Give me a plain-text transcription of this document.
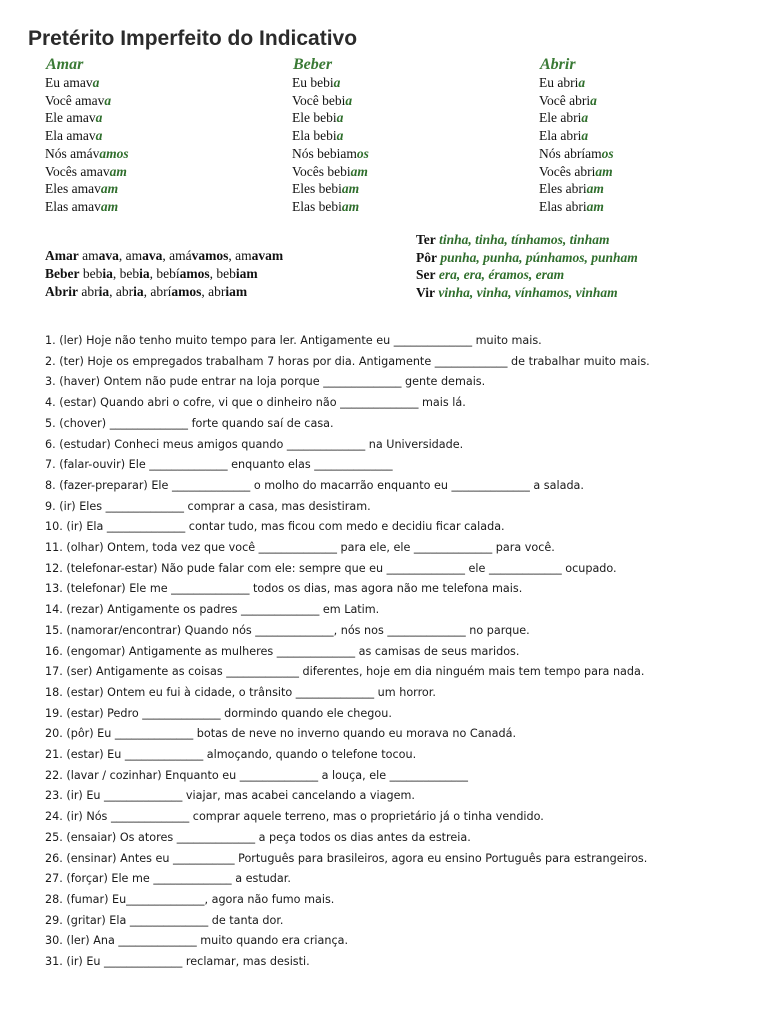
Pretérito Imperfeito do Indicativo
Amar
Eu amava
Você amava
Ele amava
Ela amava
Nós amávamos
Vocês amavam
Eles amavam
Elas amavam
Beber
Eu bebia
Você bebia
Ele bebia
Ela bebia
Nós bebiamos
Vocês bebiam
Eles bebiam
Elas bebiam
Abrir
Eu abria
Você abria
Ele abria
Ela abria
Nós abríamos
Vocês abriam
Eles abriam
Elas abriam
Amar amava, amava, amávamos, amavam
Beber bebia, bebia, bebíamos, bebiam
Abrir abria, abria, abríamos, abriam
Ter tinha, tinha, tínhamos, tinham
Pôr punha, punha, púnhamos, punham
Ser era, era, éramos, eram
Vir vinha, vinha, vínhamos, vinham
1. (ler) Hoje não tenho muito tempo para ler. Antigamente eu ______________ muito mais.
2. (ter) Hoje os empregados trabalham 7 horas por dia. Antigamente _____________ de trabalhar muito mais.
3. (haver) Ontem não pude entrar na loja porque ______________ gente demais.
4. (estar) Quando abri o cofre, vi que o dinheiro não ______________ mais lá.
5. (chover) ______________ forte quando saí de casa.
6. (estudar) Conheci meus amigos quando ______________ na Universidade.
7. (falar-ouvir) Ele ______________ enquanto elas ______________
8. (fazer-preparar) Ele ______________ o molho do macarrão enquanto eu ______________ a salada.
9. (ir) Eles ______________ comprar a casa, mas desistiram.
10. (ir) Ela ______________ contar tudo, mas ficou com medo e decidiu ficar calada.
11. (olhar) Ontem, toda vez que você ______________ para ele, ele ______________ para você.
12. (telefonar-estar) Não pude falar com ele: sempre que eu ______________ ele _____________ ocupado.
13. (telefonar) Ele me ______________ todos os dias, mas agora não me telefona mais.
14. (rezar) Antigamente os padres ______________ em Latim.
15. (namorar/encontrar) Quando nós ______________, nós nos ______________ no parque.
16. (engomar) Antigamente as mulheres ______________ as camisas de seus maridos.
17. (ser) Antigamente as coisas _____________ diferentes, hoje em dia ninguém mais tem tempo para nada.
18. (estar) Ontem eu fui à cidade, o trânsito ______________ um horror.
19. (estar) Pedro ______________ dormindo quando ele chegou.
20. (pôr) Eu ______________ botas de neve no inverno quando eu morava no Canadá.
21. (estar) Eu ______________ almoçando, quando o telefone tocou.
22. (lavar / cozinhar) Enquanto eu ______________ a louça, ele ______________
23. (ir) Eu ______________ viajar, mas acabei cancelando a viagem.
24. (ir) Nós ______________ comprar aquele terreno, mas o proprietário já o tinha vendido.
25. (ensaiar) Os atores ______________ a peça todos os dias antes da estreia.
26. (ensinar) Antes eu ___________ Português para brasileiros, agora eu ensino Português para estrangeiros.
27. (forçar) Ele me ______________ a estudar.
28. (fumar) Eu______________, agora não fumo mais.
29. (gritar) Ela ______________ de tanta dor.
30. (ler) Ana ______________ muito quando era criança.
31. (ir) Eu ______________ reclamar, mas desisti.
